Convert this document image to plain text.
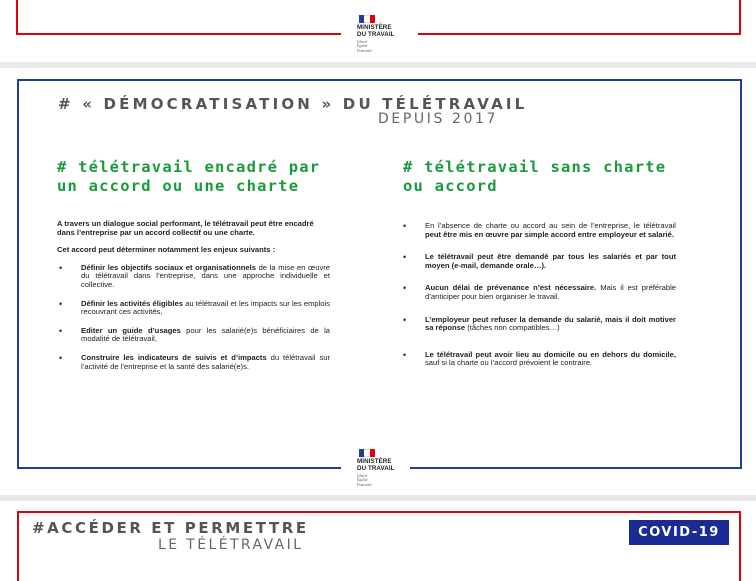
MINISTÈRE
DU TRAVAIL
Liberté
Égalité
Fraternité
# « DÉMOCRATISATION » DU TÉLÉTRAVAIL
DEPUIS 2017
# télétravail encadré par
un accord ou une charte

A travers un dialogue social performant, le télétravail peut être encadré dans l’entreprise par un accord collectif ou une charte.

Cet accord peut déterminer notamment les enjeux suivants :

• Définir les objectifs sociaux et organisationnels de la mise en œuvre du télétravail dans l’entreprise, dans une approche individuelle et collective.
• Définir les activités éligibles au télétravail et les impacts sur les emplois recouvrant ces activités,
• Editer un guide d’usages pour les salarié(e)s bénéficiaires de la modalité de télétravail,
• Construire les indicateurs de suivis et d’impacts du télétravail sur l’activité de l’entreprise et la santé des salarié(e)s.
# télétravail sans charte
ou accord
• En l’absence de charte ou accord au sein de l’entreprise, le télétravail peut être mis en œuvre par simple accord entre employeur et salarié.
• Le télétravail peut être demandé par tous les salariés et par tout moyen (e-mail, demande orale…).
• Aucun délai de prévenance n’est nécessaire. Mais il est préférable d’anticiper pour bien organiser le travail.
• L’employeur peut refuser la demande du salarié, mais il doit motiver sa réponse (tâches non compatibles…)
• Le télétravail peut avoir lieu au domicile ou en dehors du domicile, sauf si la charte ou l’accord prévoient le contraire.
MINISTÈRE
DU TRAVAIL
Liberté
Égalité
Fraternité
#ACCÉDER ET PERMETTRE
LE TÉLÉTRAVAIL
COVID-19
